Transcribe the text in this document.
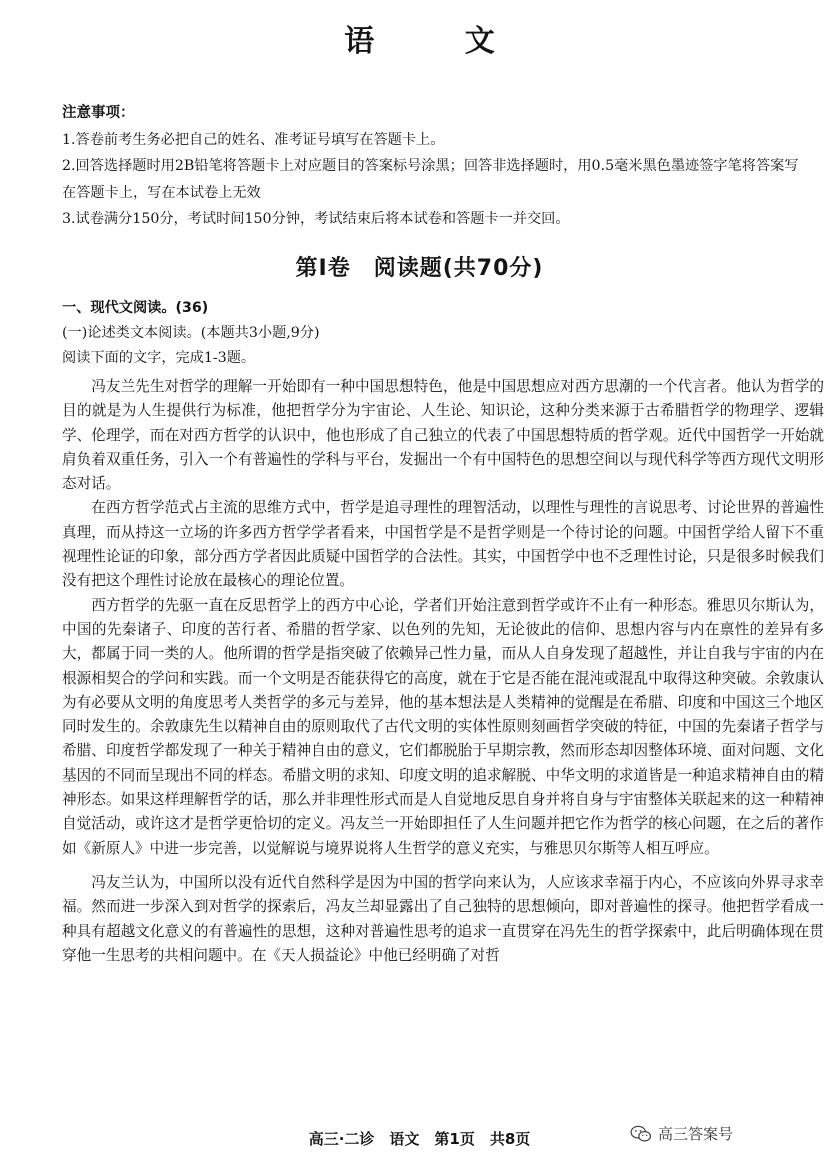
语 文
注意事项：
1.答卷前考生务必把自己的姓名、准考证号填写在答题卡上。
2.回答选择题时用2B铅笔将答题卡上对应题目的答案标号涂黑；回答非选择题时，用0.5毫米黑色墨迹签字笔将答案写在答题卡上，写在本试卷上无效
3.试卷满分150分，考试时间150分钟，考试结束后将本试卷和答题卡一并交回。
第Ⅰ卷　阅读题(共70分)
一、现代文阅读。(36)
(一)论述类文本阅读。(本题共3小题,9分)
阅读下面的文字，完成1-3题。

冯友兰先生对哲学的理解一开始即有一种中国思想特色，他是中国思想应对西方思潮的一个代言者。他认为哲学的目的就是为人生提供行为标准，他把哲学分为宇宙论、人生论、知识论，这种分类来源于古希腊哲学的物理学、逻辑学、伦理学，而在对西方哲学的认识中，他也形成了自己独立的代表了中国思想特质的哲学观。近代中国哲学一开始就肩负着双重任务，引入一个有普遍性的学科与平台，发掘出一个有中国特色的思想空间以与现代科学等西方现代文明形态对话。

在西方哲学范式占主流的思维方式中，哲学是追寻理性的理智活动，以理性与理性的言说思考、讨论世界的普遍性真理，而从持这一立场的许多西方哲学学者看来，中国哲学是不是哲学则是一个待讨论的问题。中国哲学给人留下不重视理性论证的印象，部分西方学者因此质疑中国哲学的合法性。其实，中国哲学中也不乏理性讨论，只是很多时候我们没有把这个理性讨论放在最核心的理论位置。

西方哲学的先驱一直在反思哲学上的西方中心论，学者们开始注意到哲学或许不止有一种形态。雅思贝尔斯认为，中国的先秦诸子、印度的苦行者、希腊的哲学家、以色列的先知，无论彼此的信仰、思想内容与内在禀性的差异有多大，都属于同一类的人。他所谓的哲学是指突破了依赖异己性力量，而从人自身发现了超越性，并让自我与宇宙的内在根源相契合的学问和实践。而一个文明是否能获得它的高度，就在于它是否能在混沌或混乱中取得这种突破。余敦康认为有必要从文明的角度思考人类哲学的多元与差异，他的基本想法是人类精神的觉醒是在希腊、印度和中国这三个地区同时发生的。余敦康先生以精神自由的原则取代了古代文明的实体性原则刻画哲学突破的特征，中国的先秦诸子哲学与希腊、印度哲学都发现了一种关于精神自由的意义，它们都脱胎于早期宗教，然而形态却因整体环境、面对问题、文化基因的不同而呈现出不同的样态。希腊文明的求知、印度文明的追求解脱、中华文明的求道皆是一种追求精神自由的精神形态。如果这样理解哲学的话，那么并非理性形式而是人自觉地反思自身并将自身与宇宙整体关联起来的这一种精神自觉活动，或许这才是哲学更恰切的定义。冯友兰一开始即担任了人生问题并把它作为哲学的核心问题，在之后的著作如《新原人》中进一步完善，以觉解说与境界说将人生哲学的意义充实，与雅思贝尔斯等人相互呼应。

冯友兰认为，中国所以没有近代自然科学是因为中国的哲学向来认为，人应该求幸福于内心，不应该向外界寻求幸福。然而进一步深入到对哲学的探索后，冯友兰却显露出了自己独特的思想倾向，即对普遍性的探寻。他把哲学看成一种具有超越文化意义的有普遍性的思想，这种对普遍性思考的追求一直贯穿在冯先生的哲学探索中，此后明确体现在贯穿他一生思考的共相问题中。在《天人损益论》中他已经明确了对哲

高三·二诊　语文　第1页　共8页	高三答案号
